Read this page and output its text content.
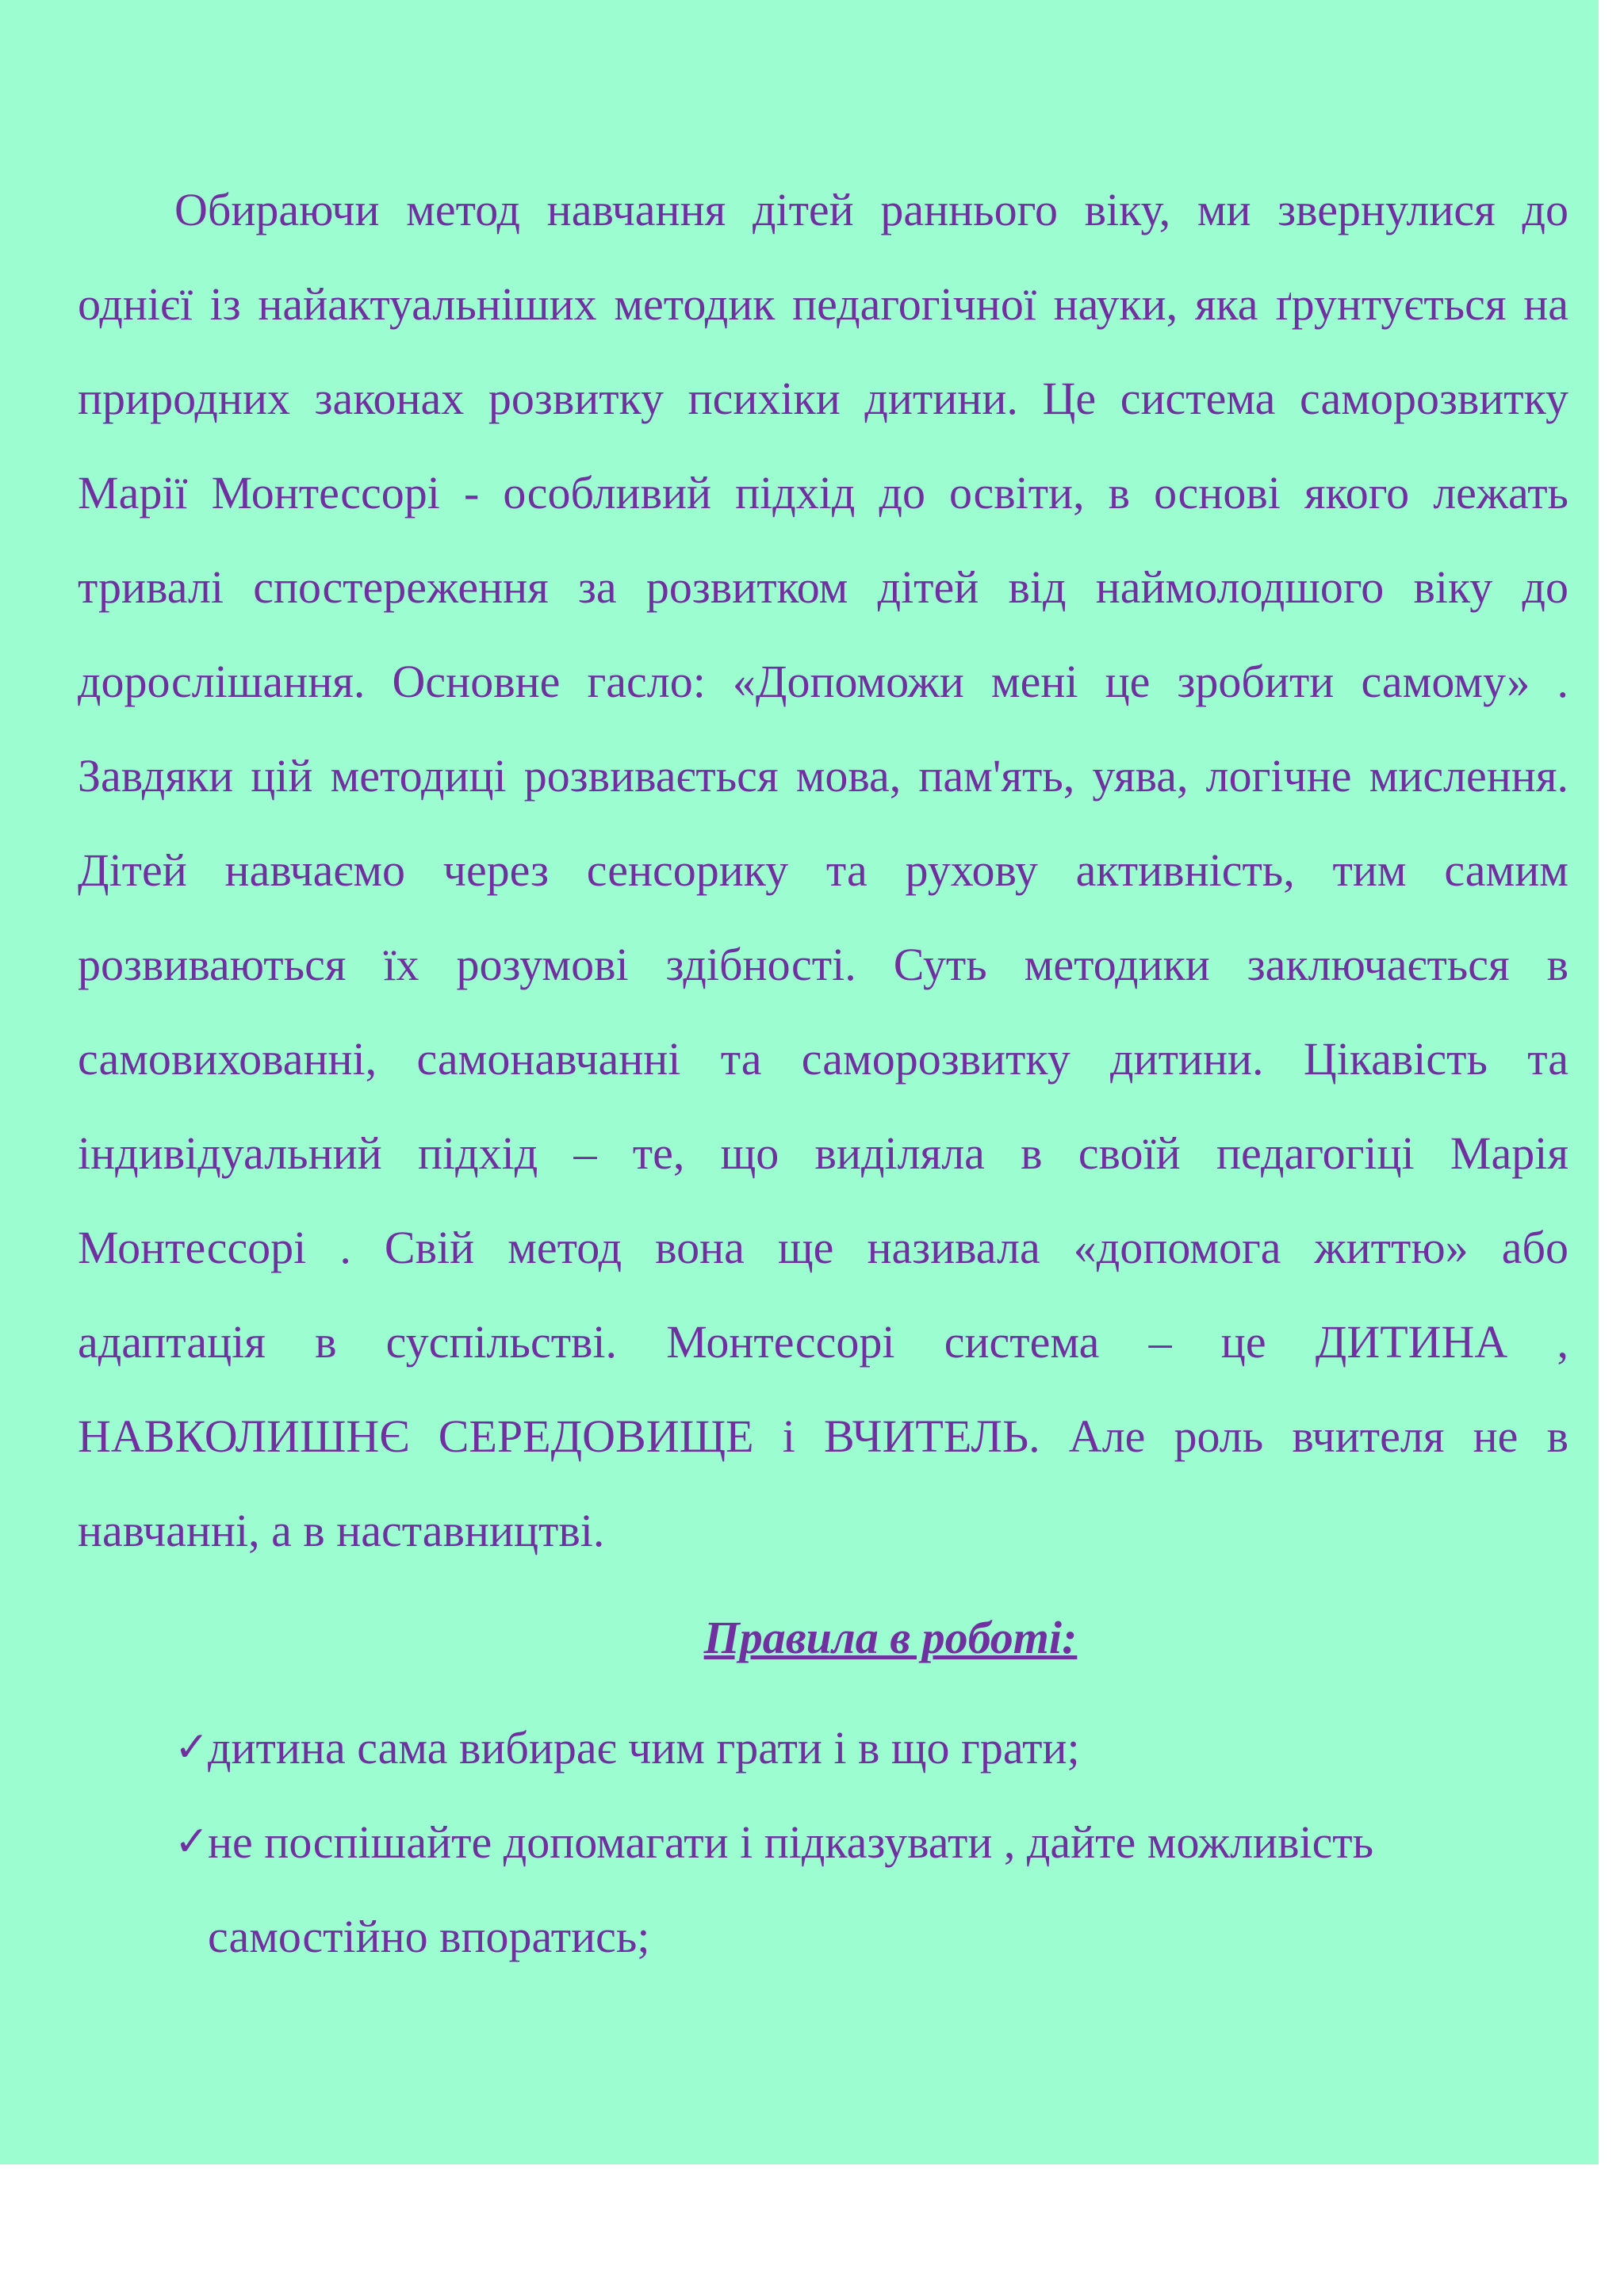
Обираючи метод навчання дітей раннього віку, ми звернулися до однієї із найактуальніших методик педагогічної науки, яка ґрунтується на природних законах розвитку психіки дитини. Це система саморозвитку Марії Монтессорі - особливий підхід до освіти, в основі якого лежать тривалі спостереження за розвитком дітей від наймолодшого віку до дорослішання. Основне гасло: «Допоможи мені це зробити самому» . Завдяки цій методиці розвивається мова, пам'ять, уява, логічне мислення. Дітей навчаємо через сенсорику та рухову активність, тим самим розвиваються їх розумові здібності. Суть методики заключається в самовихованні, самонавчанні та саморозвитку дитини. Цікавість та індивідуальний підхід – те, що виділяла в своїй педагогіці Марія Монтессорі . Свій метод вона ще називала «допомога життю» або адаптація в суспільстві. Монтессорі система – це ДИТИНА , НАВКОЛИШНЄ СЕРЕДОВИЩЕ і ВЧИТЕЛЬ. Але роль вчителя не в навчанні, а в наставництві.

Правила в роботі:
✓
дитина сама вибирає чим грати і в що грати;
✓
не поспішайте допомагати і підказувати , дайте можливість самостійно впоратись;
